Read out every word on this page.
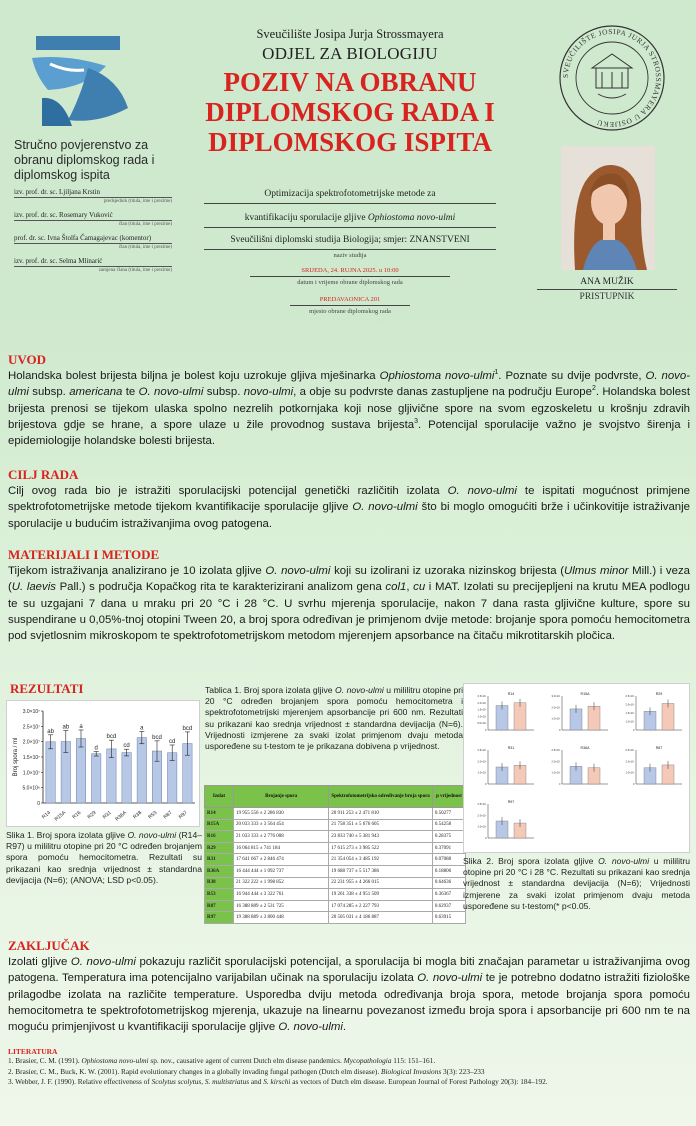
Stručno povjerenstvo za obranu diplomskog rada i diplomskog ispita
izv. prof. dr. sc. Ljiljana Krstin
predsjednik (titula, ime i prezime)
izv. prof. dr. sc. Rosemary Vuković
član (titula, ime i prezime)
prof. dr. sc. Ivna Štolfa Čamagajevac (komentor)
član (titula, ime i prezime)
izv. prof. dr. sc. Selma Mlinarić
zamjena člana (titula, ime i prezime)
Sveučilište Josipa Jurja Strossmayera
ODJEL ZA BIOLOGIJU
POZIV NA OBRANU
DIPLOMSKOG RADA I
DIPLOMSKOG ISPITA
SVEUČILIŠTE JOSIPA JURJA STROSSMAYERA U OSIJEKU
Optimizacija spektrofotometrijske metode za
kvantifikaciju sporulacije gljive Ophiostoma novo-ulmi
Sveučilišni diplomski studija Biologija; smjer: ZNANSTVENI
naziv studija
SRIJEDA, 24. RUJNA 2025. u 10:00
datum i vrijeme obrane diplomskog rada
PREDAVAONICA 201
mjesto obrane diplomskog rada
ANA MUŽIK
PRISTUPNIK
UVOD
Holandska bolest brijesta biljna je bolest koju uzrokuje gljiva mješinarka Ophiostoma novo-ulmi$^1$. Poznate su dvije podvrste, O. novo-ulmi subsp. americana te O. novo-ulmi subsp. novo-ulmi, a obje su podvrste danas zastupljene na području Europe$^2$. Holandska bolest brijesta prenosi se tijekom ulaska spolno nezrelih potkornjaka koji nose gljivične spore na svom egzoskeletu u krošnju zdravih brijestova gdje se hrane, a spore ulaze u žile provodnog sustava brijesta$^3$. Potencijal sporulacije važno je svojstvo širenja i epidemiologije holandske bolesti brijesta.
CILJ RADA
Cilj ovog rada bio je istražiti sporulacijski potencijal genetički različitih izolata O. novo-ulmi te ispitati mogućnost primjene spektrofotometrijske metode tijekom kvantifikacije sporulacije gljive O. novo-ulmi što bi moglo omogućiti brže i učinkovitije istraživanje sporulacije u budućim istraživanjima ovog patogena.
MATERIJALI I METODE
Tijekom istraživanja analizirano je 10 izolata gljive O. novo-ulmi koji su izolirani iz uzoraka nizinskog brijesta (Ulmus minor Mill.) i veza (U. laevis Pall.) s područja Kopačkog rita te karakterizirani analizom gena col1, cu i MAT. Izolati su precijepljeni na krutu MEA podlogu te su uzgajani 7 dana u mraku pri 20 °C i 28 °C. U svrhu mjerenja sporulacije, nakon 7 dana rasta gljivične kulture, spore su suspendirane u 0,05%-tnoj otopini Tween 20, a broj spora određivan je primjenom dvije metode: brojanje spora pomoću hemocitometra pod svjetlosnim mikroskopom te spektrofotometrijskom metodom mjerenjem apsorbance na čitaču mikrotitarskih pločica.
REZULTATI
3.0×10⁷
2.5×10⁷
2.0×10⁷
1.5×10⁷
1.0×10⁷
5.0×10⁶
0
Broj spora / ml
ab
R14
ab
R15A
a
R16
d
R29
bcd
R31
cd
R36A
a
R38
bcd
R53
cd
R87
bcd
R97
Slika 1. Broj spora izolata gljive O. novo-ulmi (R14–R97) u mililitru otopine pri 20 °C određen brojanjem spora pomoću hemocitometra. Rezultati su prikazani kao srednja vrijednost ± standardna devijacija (N=6); (ANOVA; LSD p<0.05).
Tablica 1. Broj spora izolata gljive O. novo-ulmi u mililitru otopine pri 20 °C određen brojanjem spora pomoću hemocitometra i spektrofotometrijski mjerenjem apsorbancije pri 600 nm. Rezultati su prikazani kao srednja vrijednost ± standardna devijacija (N=6). Vrijednosti izmjerene za svaki izolat primjenom dvaju metoda uspoređene su t-testom te je prikazana dobivena p vrijednost.
Izolat	Brojanje spora	Spektrofotometrijsko određivanje broja spora	p vrijednost
R14	19 955 556 ± 2 286 830	20 911 253 ± 2 471 810	0.50277
R15A	20 033 333 ± 3 564 454	21 758 351 ± 5 676 605	0.54258
R16	21 033 333 ± 2 776 008	23 833 740 ± 5 381 943	0.28375
R29	16 064 815 ± 741 184	17 615 273 ± 3 985 522	0.37091
R31	17 641 667 ± 2 846 474	21 354 054 ± 3 485 192	0.07088
R36A	16 444 444 ± 1 092 737	19 688 737 ± 5 517 386	0.18806
R38	21 322 222 ± 1 998 852	22 231 955 ± 4 266 015	0.64636
R53	16 944 444 ± 3 322 761	19 261 338 ± 4 951 509	0.36367
R87	16 388 889 ± 2 531 725	17 074 285 ± 2 227 793	0.62937
R97	19 388 889 ± 3 800 448	20 505 031 ± 4 186 887	0.63915
R14
2.5×10⁷
2.0×10⁷
1.5×10⁷
1.0×10⁷
5.0×10⁶
0
R15A
3.0×10⁷
2.0×10⁷
1.0×10⁷
0
R29
2.5×10⁷
2.0×10⁷
1.5×10⁷
1.0×10⁷
0
R31
2.5×10⁷
2.0×10⁷
1.0×10⁷
0
R36A
2.5×10⁷
2.0×10⁷
1.0×10⁷
0
R87
2.5×10⁷
2.0×10⁷
1.0×10⁷
0
R97
2.5×10⁷
2.0×10⁷
1.0×10⁷
0
Slika 2. Broj spora izolata gljive O. novo-ulmi u mililitru otopine pri 20 °C i 28 °C. Rezultati su prikazani kao srednja vrijednost ± standardna devijacija (N=6); Vrijednosti izmjerene za svaki izolat primjenom dvaju metoda uspoređene su t-testom(* p<0.05.
ZAKLJUČAK
Izolati gljive O. novo-ulmi pokazuju različit sporulacijski potencijal, a sporulacija bi mogla biti značajan parametar u istraživanjima ovog patogena. Temperatura ima potencijalno varijabilan učinak na sporulaciju izolata O. novo-ulmi te je potrebno dodatno istražiti fiziološke prilagodbe izolata na različite temperature. Usporedba dviju metoda određivanja broja spora, metode brojanja spora pomoću hemocitometra te spektrofotometrijskog mjerenja, ukazuje na linearnu povezanost između broja spora i apsorbancije pri 600 nm te na moguću primjenjivost u kvantifikaciji sporulacije gljive O. novo-ulmi.
LITERATURA
1. Brasier, C. M. (1991). Ophiostoma novo-ulmi sp. nov., causative agent of current Dutch elm disease pandemics. Mycopathologia 115: 151–161.
2. Brasier, C. M., Buck, K. W. (2001). Rapid evolutionary changes in a globally invading fungal pathogen (Dutch elm disease). Biological Invasions 3(3): 223–233
3. Webber, J. F. (1990). Relative effectiveness of Scolytus scolytus, S. multistriatus and S. kirschi as vectors of Dutch elm disease. European Journal of Forest Pathology 20(3): 184–192.
